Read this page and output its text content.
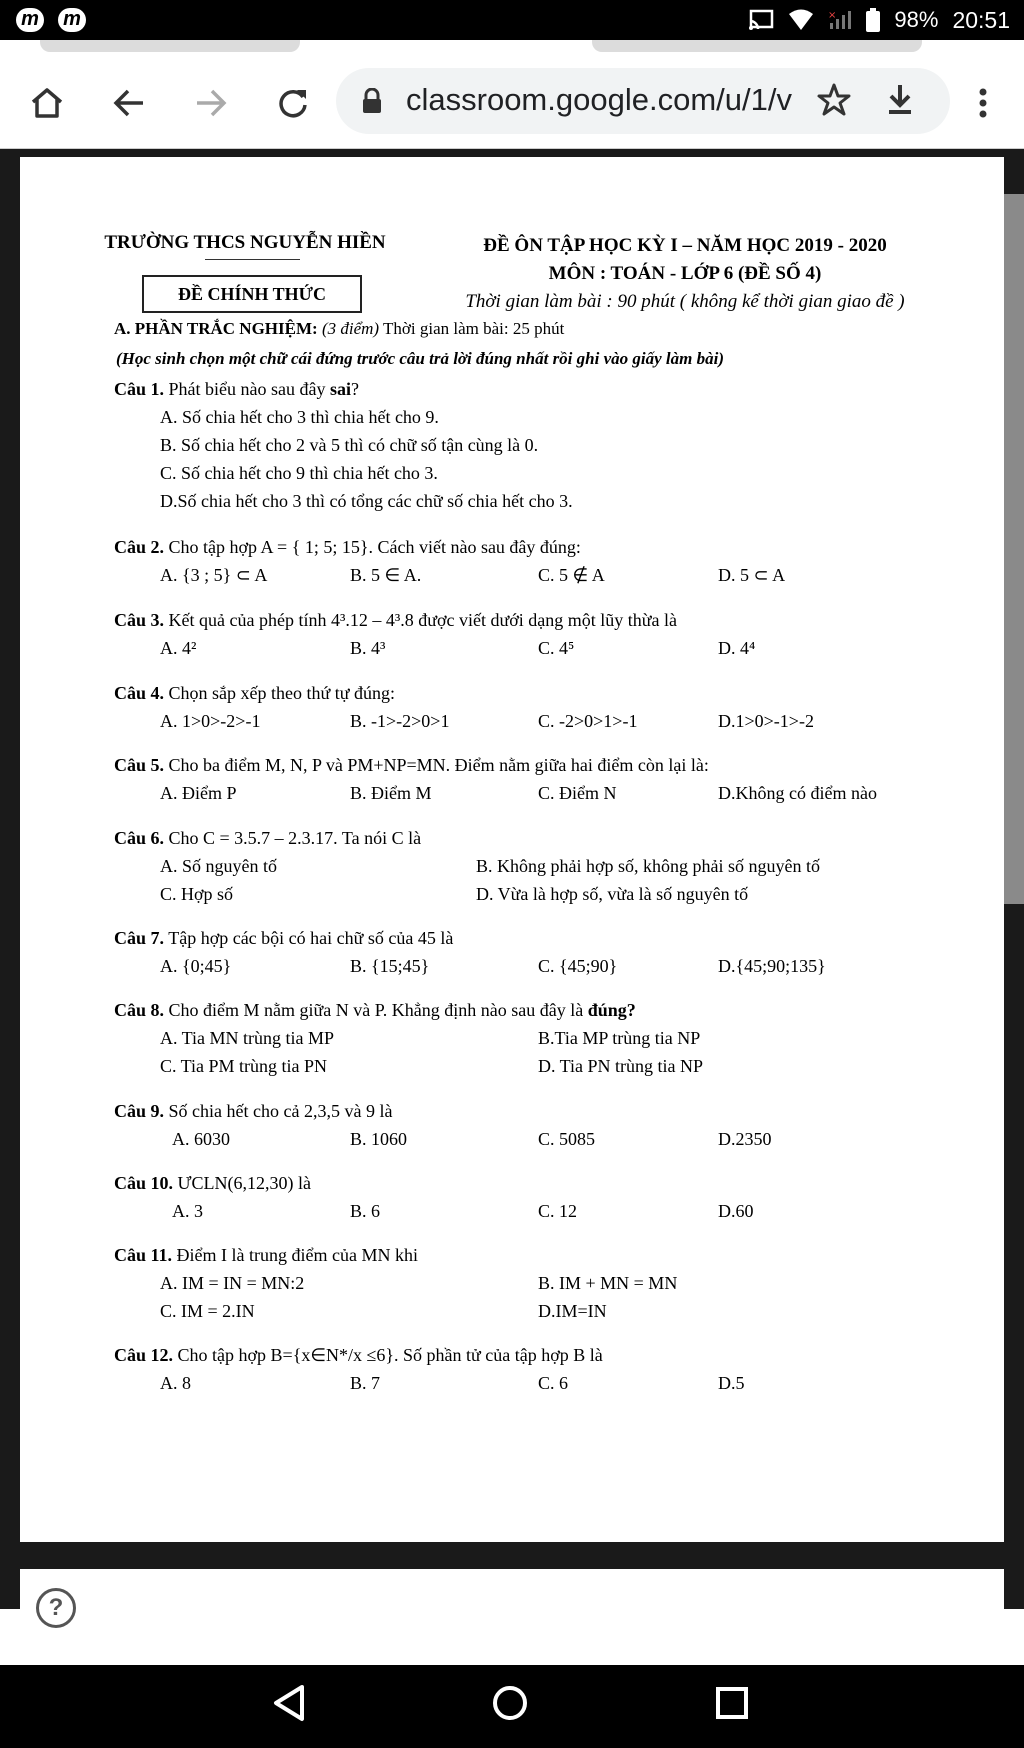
m m	×	98% 20:51
classroom.google.com/u/1/v
TRƯỜNG THCS NGUYỄN HIỀN
ĐỀ CHÍNH THỨC
ĐỀ ÔN TẬP HỌC KỲ I – NĂM HỌC 2019 - 2020
MÔN : TOÁN - LỚP 6 (ĐỀ SỐ 4)
Thời gian làm bài : 90 phút ( không kể thời gian giao đề )
A. PHẦN TRẮC NGHIỆM: (3 điểm) Thời gian làm bài: 25 phút
(Học sinh chọn một chữ cái đứng trước câu trả lời đúng nhất rồi ghi vào giấy làm bài)
Câu 1. Phát biểu nào sau đây sai?
A. Số chia hết cho 3 thì chia hết cho 9.
B. Số chia hết cho 2 và 5 thì có chữ số tận cùng là 0.
C. Số chia hết cho 9 thì chia hết cho 3.
D.Số chia hết cho 3 thì có tổng các chữ số chia hết cho 3.
Câu 2. Cho tập hợp A = { 1; 5; 15}. Cách viết nào sau đây đúng:
A. {3 ; 5} ⊂ A	B. 5 ∈ A.	C. 5 ∉ A	D. 5 ⊂ A
Câu 3. Kết quả của phép tính 4³.12 – 4³.8 được viết dưới dạng một lũy thừa là
A. 4²	B. 4³	C. 4⁵	D. 4⁴
Câu 4. Chọn sắp xếp theo thứ tự đúng:
A. 1>0>-2>-1	B. -1>-2>0>1	C. -2>0>1>-1	D.1>0>-1>-2
Câu 5. Cho ba điểm M, N, P và PM+NP=MN. Điểm nằm giữa hai điểm còn lại là:
A. Điểm P	B. Điểm M	C. Điểm N	D.Không có điểm nào
Câu 6. Cho C = 3.5.7 – 2.3.17. Ta nói C là
A. Số nguyên tố	B. Không phải hợp số, không phải số nguyên tố
C. Hợp số	D. Vừa là hợp số, vừa là số nguyên tố
Câu 7. Tập hợp các bội có hai chữ số của 45 là
A. {0;45}	B. {15;45}	C. {45;90}	D.{45;90;135}
Câu 8. Cho điểm M nằm giữa N và P. Khẳng định nào sau đây là đúng?
A. Tia MN trùng tia MP	B.Tia MP trùng tia NP
C. Tia PM trùng tia PN	D. Tia PN trùng tia NP
Câu 9. Số chia hết cho cả 2,3,5 và 9 là
A. 6030	B. 1060	C. 5085	D.2350
Câu 10. ƯCLN(6,12,30) là
A. 3	B. 6	C. 12	D.60
Câu 11. Điểm I là trung điểm của MN khi
A. IM = IN = MN:2	B. IM + MN = MN
C. IM = 2.IN	D.IM=IN
Câu 12. Cho tập hợp B={x∈N*/x ≤6}. Số phần tử của tập hợp B là
A. 8	B. 7	C. 6	D.5
?
